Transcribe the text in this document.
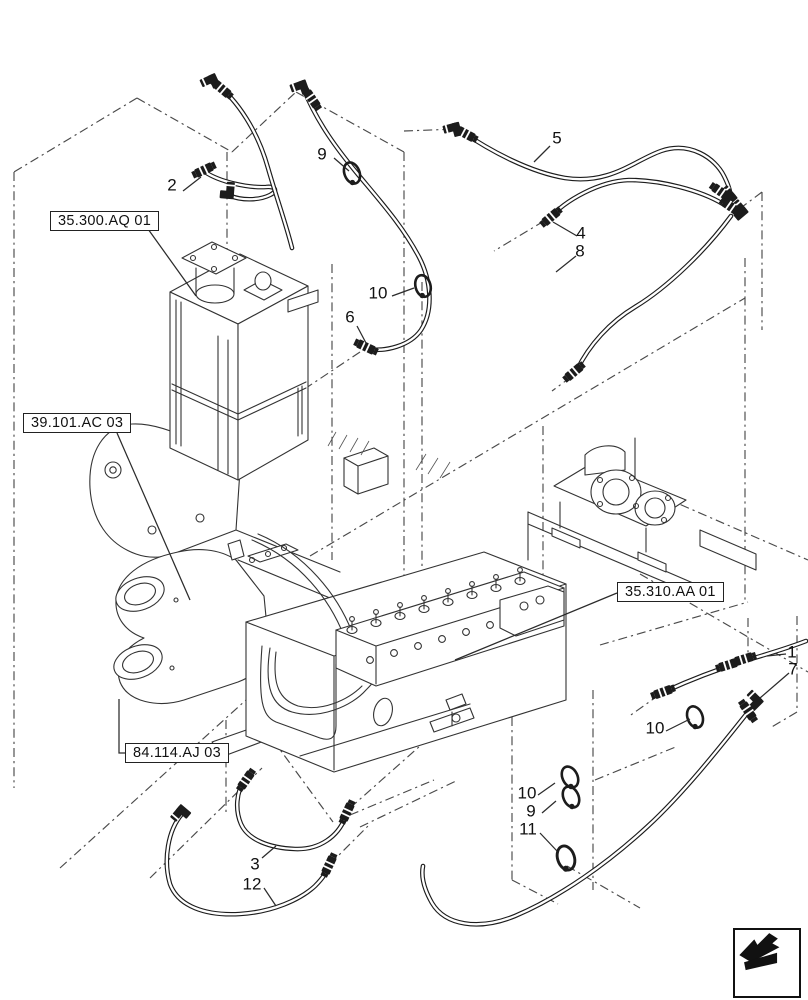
35.300.AQ 01
39.101.AC 03
84.114.AJ 03
35.310.AA 01
2
9
5
4
8
10
6
1
7
10
10
9
11
3
12
